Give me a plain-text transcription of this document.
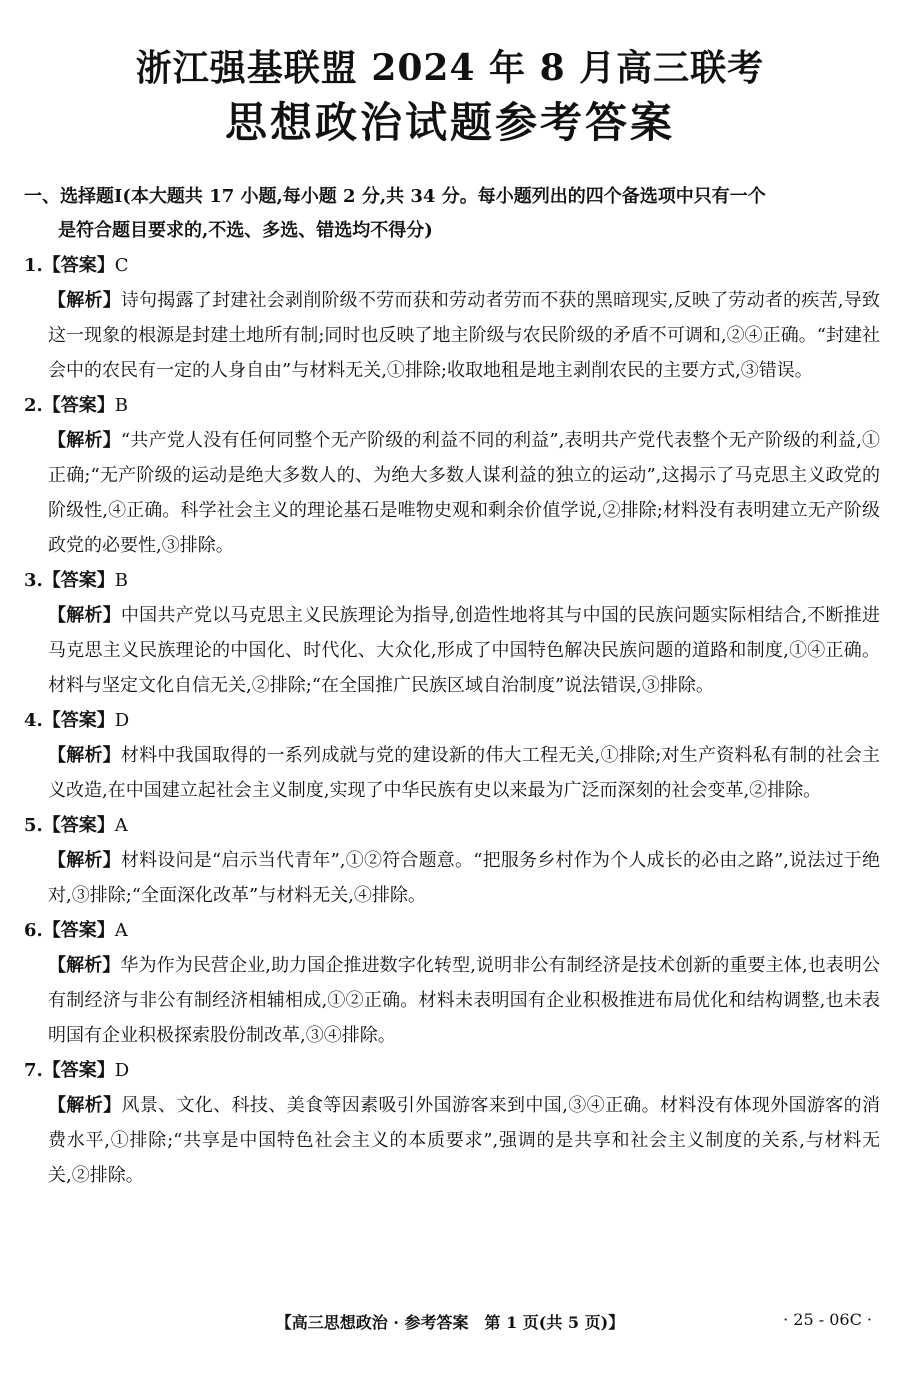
浙江强基联盟 2024 年 8 月高三联考
思想政治试题参考答案

一、选择题Ⅰ(本大题共 17 小题,每小题 2 分,共 34 分。每小题列出的四个备选项中只有一个
是符合题目要求的,不选、多选、错选均不得分)

1.【答案】C

【解析】诗句揭露了封建社会剥削阶级不劳而获和劳动者劳而不获的黑暗现实,反映了劳动者的疾苦,导致这一现象的根源是封建土地所有制;同时也反映了地主阶级与农民阶级的矛盾不可调和,②④正确。“封建社会中的农民有一定的人身自由”与材料无关,①排除;收取地租是地主剥削农民的主要方式,③错误。

2.【答案】B

【解析】“共产党人没有任何同整个无产阶级的利益不同的利益”,表明共产党代表整个无产阶级的利益,①正确;“无产阶级的运动是绝大多数人的、为绝大多数人谋利益的独立的运动”,这揭示了马克思主义政党的阶级性,④正确。科学社会主义的理论基石是唯物史观和剩余价值学说,②排除;材料没有表明建立无产阶级政党的必要性,③排除。

3.【答案】B

【解析】中国共产党以马克思主义民族理论为指导,创造性地将其与中国的民族问题实际相结合,不断推进马克思主义民族理论的中国化、时代化、大众化,形成了中国特色解决民族问题的道路和制度,①④正确。材料与坚定文化自信无关,②排除;“在全国推广民族区域自治制度”说法错误,③排除。

4.【答案】D

【解析】材料中我国取得的一系列成就与党的建设新的伟大工程无关,①排除;对生产资料私有制的社会主义改造,在中国建立起社会主义制度,实现了中华民族有史以来最为广泛而深刻的社会变革,②排除。

5.【答案】A

【解析】材料设问是“启示当代青年”,①②符合题意。“把服务乡村作为个人成长的必由之路”,说法过于绝对,③排除;“全面深化改革”与材料无关,④排除。

6.【答案】A

【解析】华为作为民营企业,助力国企推进数字化转型,说明非公有制经济是技术创新的重要主体,也表明公有制经济与非公有制经济相辅相成,①②正确。材料未表明国有企业积极推进布局优化和结构调整,也未表明国有企业积极探索股份制改革,③④排除。

7.【答案】D

【解析】风景、文化、科技、美食等因素吸引外国游客来到中国,③④正确。材料没有体现外国游客的消费水平,①排除;“共享是中国特色社会主义的本质要求”,强调的是共享和社会主义制度的关系,与材料无关,②排除。

【高三思想政治 · 参考答案　第 1 页(共 5 页)】	· 25 - 06C ·
